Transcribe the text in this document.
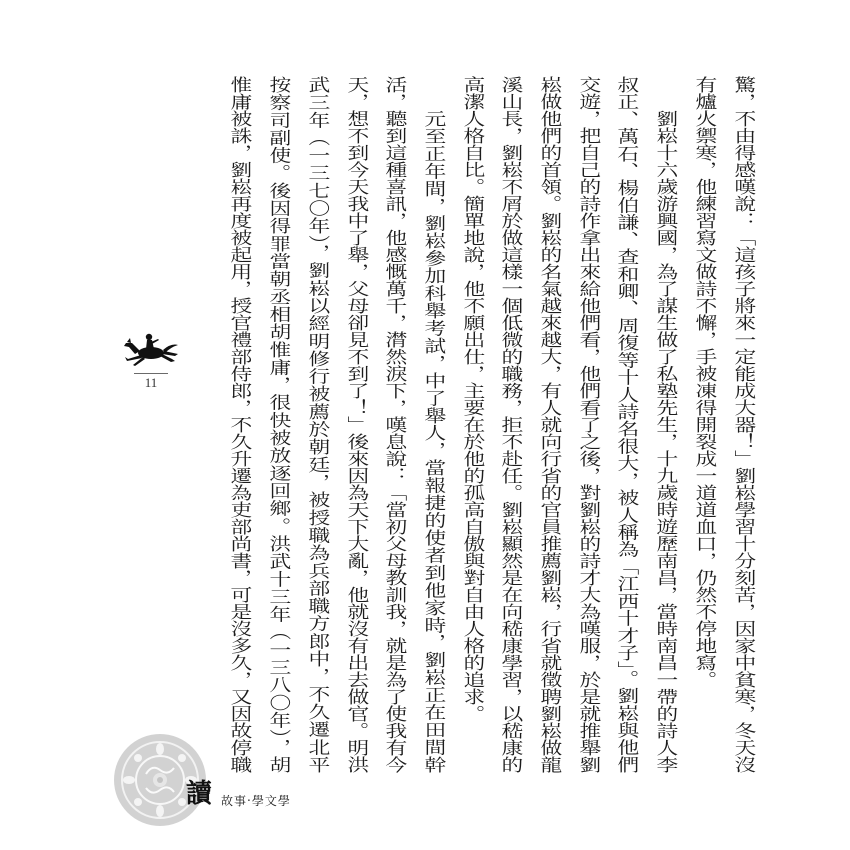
驚，不由得感嘆說：「這孩子將來一定能成大器！」劉崧學習十分刻苦，因家中貧寒，冬天沒
有爐火禦寒，他練習寫文做詩不懈，手被凍得開裂成一道道血口，仍然不停地寫。
劉崧十六歲游興國，為了謀生做了私塾先生，十九歲時遊歷南昌，當時南昌一帶的詩人李
叔正、萬石、楊伯謙、查和卿、周復等十人詩名很大，被人稱為「江西十才子」。劉崧與他們
交遊，把自己的詩作拿出來給他們看，他們看了之後，對劉崧的詩才大為嘆服，於是就推舉劉
崧做他們的首領。劉崧的名氣越來越大，有人就向行省的官員推薦劉崧，行省就徵聘劉崧做龍
溪山長，劉崧不屑於做這樣一個低微的職務，拒不赴任。劉崧顯然是在向嵇康學習，以嵇康的
高潔人格自比。簡單地說，他不願出仕，主要在於他的孤高自傲與對自由人格的追求。
元至正年間，劉崧參加科舉考試，中了舉人，當報捷的使者到他家時，劉崧正在田間幹
活，聽到這種喜訊，他感慨萬千，潸然淚下，嘆息說：「當初父母教訓我，就是為了使我有今
天，想不到今天我中了舉，父母卻見不到了！」後來因為天下大亂，他就沒有出去做官。明洪
武三年（一三七〇年），劉崧以經明修行被薦於朝廷，被授職為兵部職方郎中，不久遷北平
按察司副使。後因得罪當朝丞相胡惟庸，很快被放逐回鄉。洪武十三年（一三八〇年），胡
惟庸被誅，劉崧再度被起用，授官禮部侍郎，不久升遷為吏部尚書，可是沒多久，又因故停職
11
讀 故事‧學文學
